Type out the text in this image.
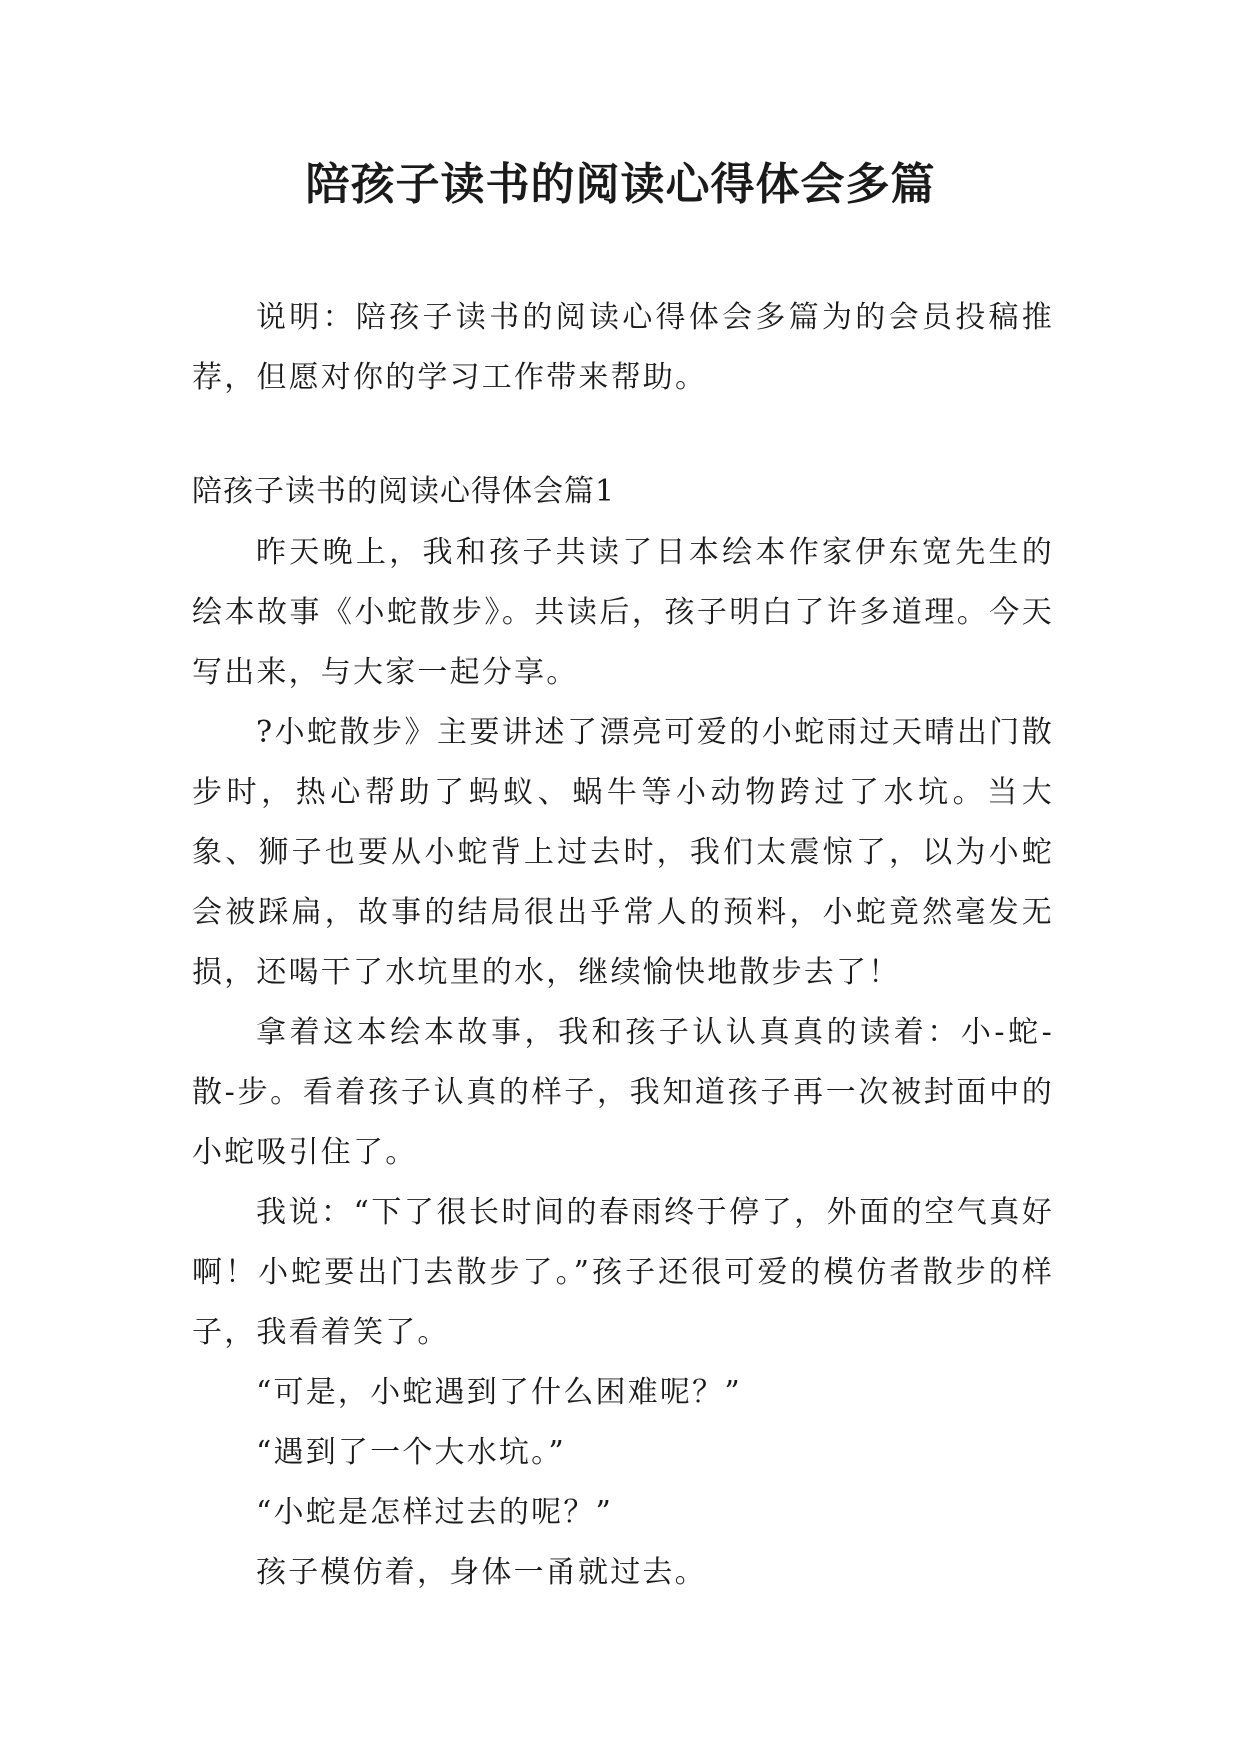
陪孩子读书的阅读心得体会多篇

说明：陪孩子读书的阅读心得体会多篇为的会员投稿推荐，但愿对你的学习工作带来帮助。

陪孩子读书的阅读心得体会篇1

昨天晚上，我和孩子共读了日本绘本作家伊东宽先生的绘本故事《小蛇散步》。共读后，孩子明白了许多道理。今天写出来，与大家一起分享。

?小蛇散步》主要讲述了漂亮可爱的小蛇雨过天晴出门散步时，热心帮助了蚂蚁、蜗牛等小动物跨过了水坑。当大象、狮子也要从小蛇背上过去时，我们太震惊了，以为小蛇会被踩扁，故事的结局很出乎常人的预料，小蛇竟然毫发无损，还喝干了水坑里的水，继续愉快地散步去了！

拿着这本绘本故事，我和孩子认认真真的读着：小-蛇-散-步。看着孩子认真的样子，我知道孩子再一次被封面中的小蛇吸引住了。

我说：“下了很长时间的春雨终于停了，外面的空气真好啊！小蛇要出门去散步了。”孩子还很可爱的模仿者散步的样子，我看着笑了。

“可是，小蛇遇到了什么困难呢？”

“遇到了一个大水坑。”

“小蛇是怎样过去的呢？”

孩子模仿着，身体一甬就过去。
